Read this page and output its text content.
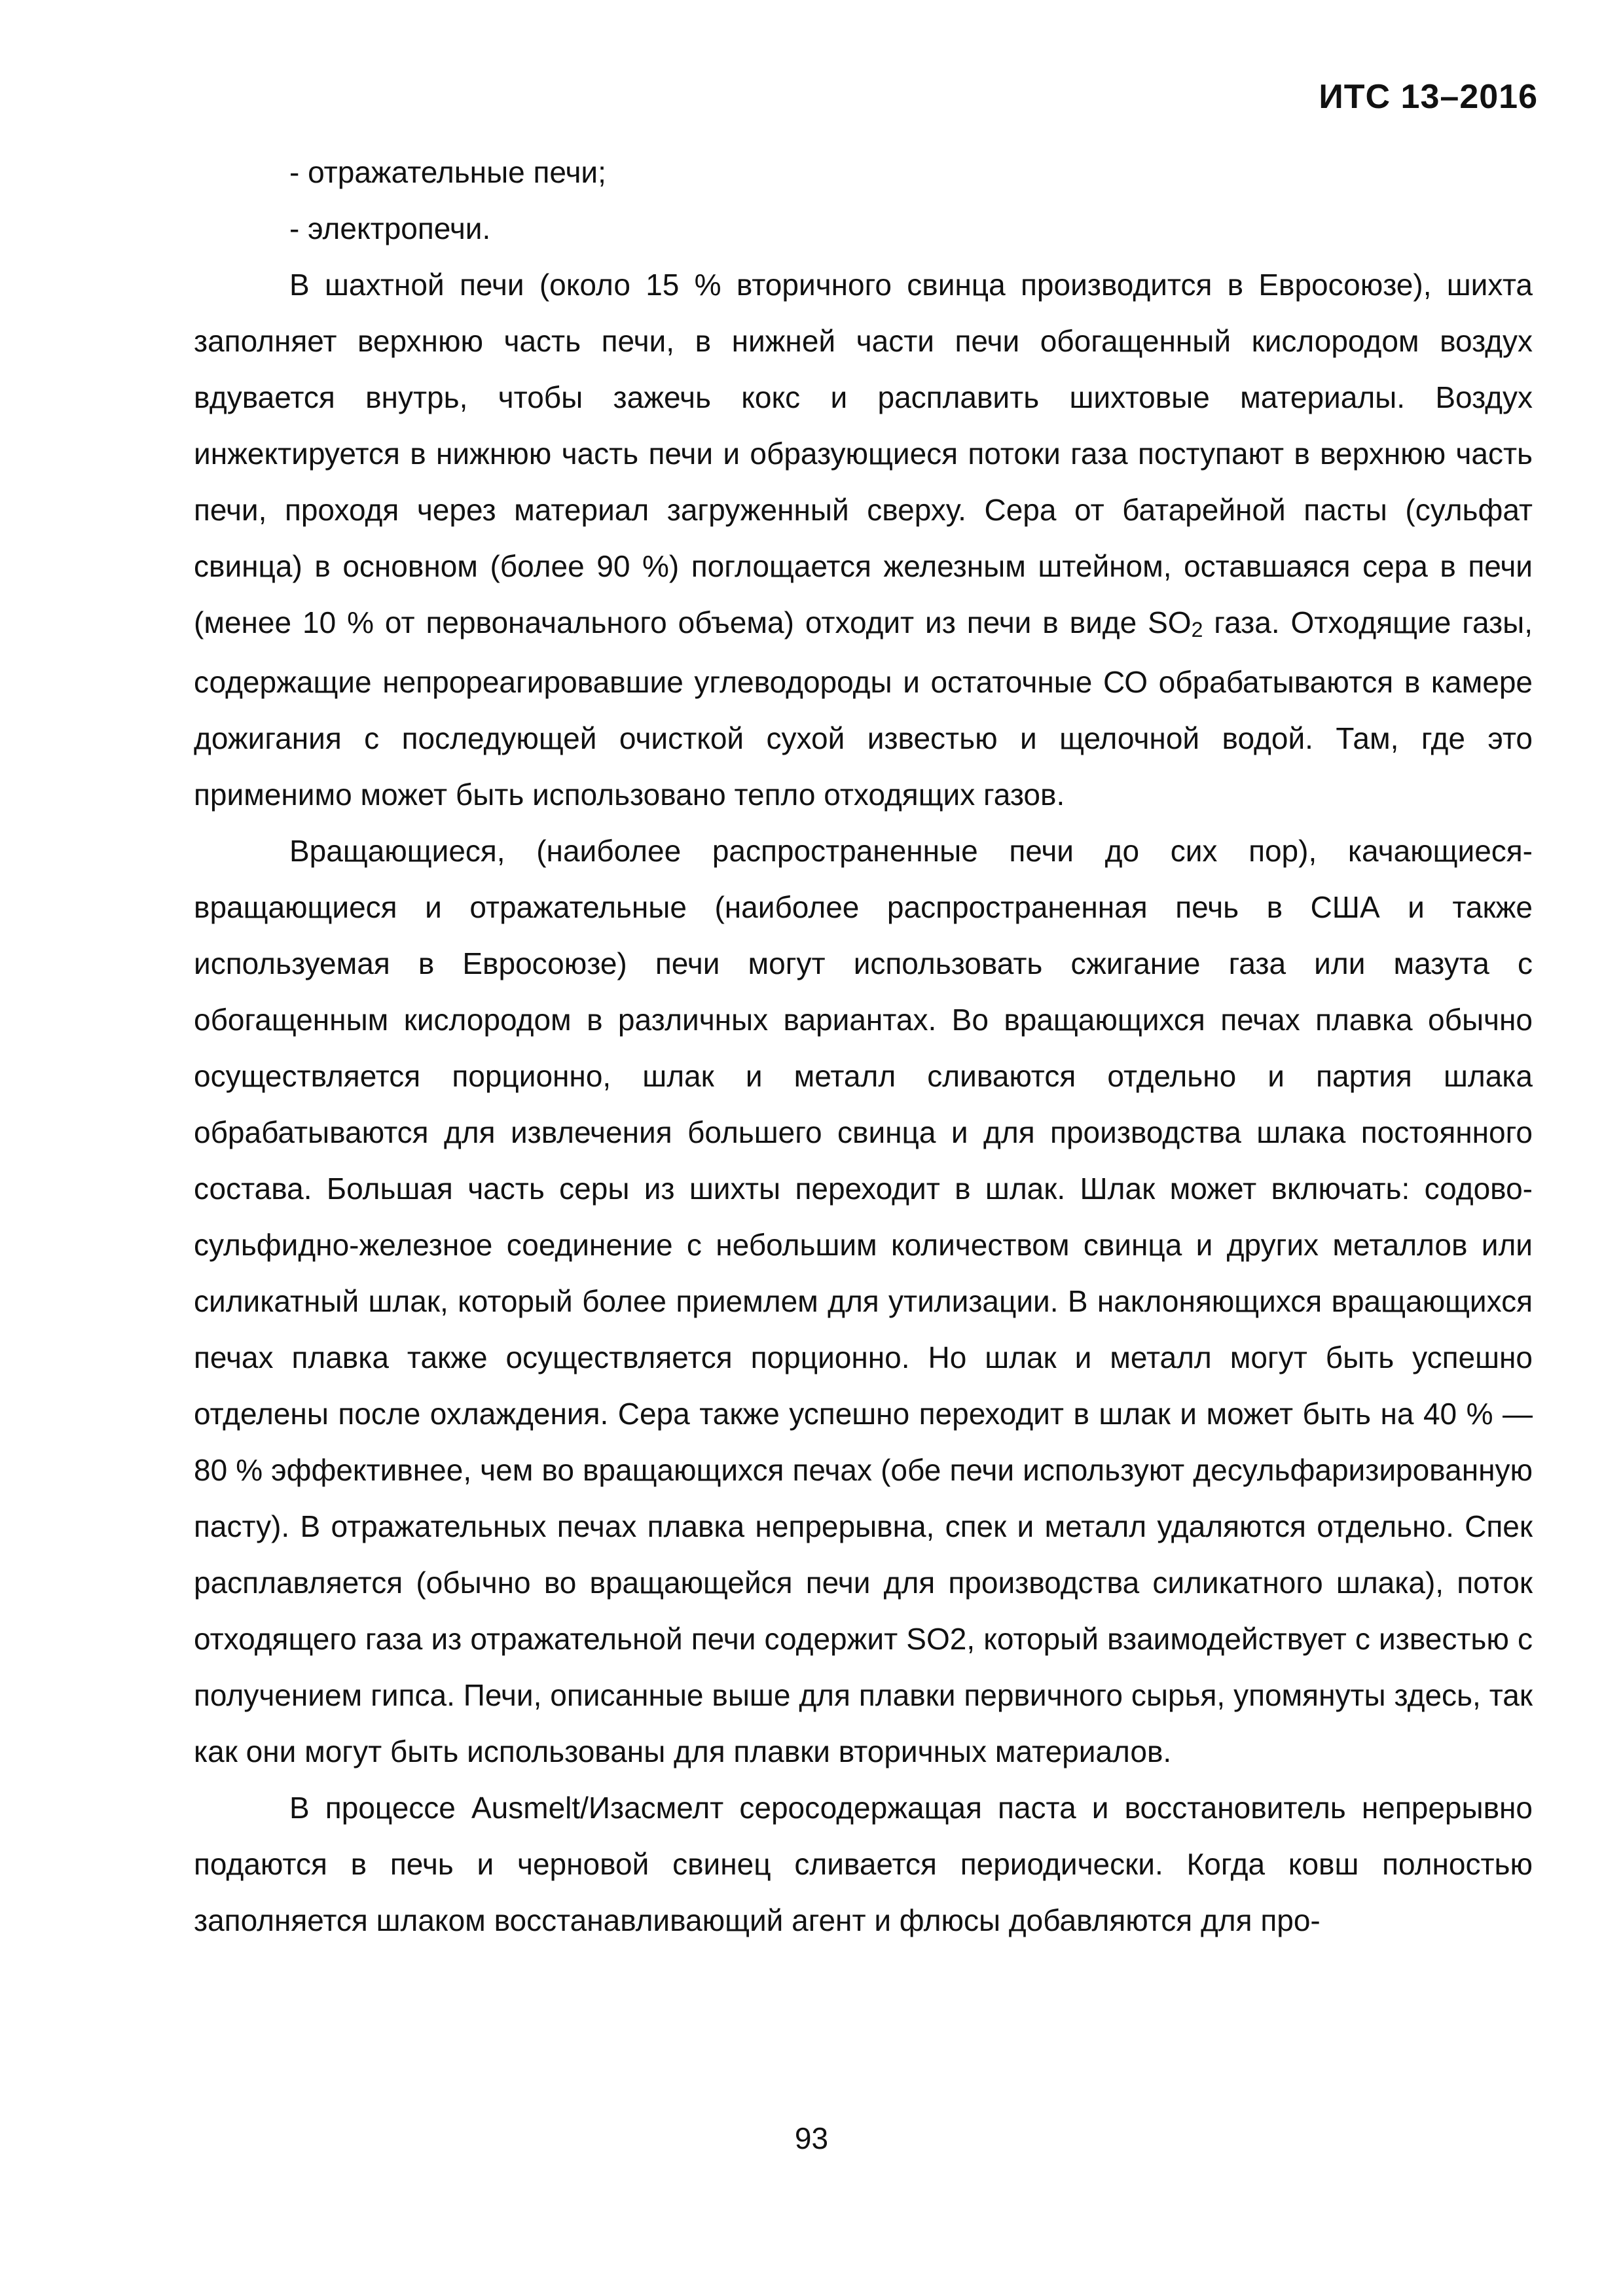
ИТС 13–2016

- отражательные печи;

- электропечи.

В шахтной печи (около 15 % вторичного свинца производится в Евросоюзе), шихта заполняет верхнюю часть печи, в нижней части печи обогащенный кислородом воздух вдувается внутрь, чтобы зажечь кокс и расплавить шихтовые материалы. Воздух инжектируется в нижнюю часть печи и образующиеся потоки газа поступают в верхнюю часть печи, проходя через материал загруженный сверху. Сера от батарейной пасты (сульфат свинца) в основном (более 90 %) поглощается железным штейном, оставшаяся сера в печи (менее 10 % от первоначального объема) отходит из печи в виде $SO_2$ газа. Отходящие газы, содержащие непрореагировавшие углеводороды и остаточные СО обрабатываются в камере дожигания с последующей очисткой сухой известью и щелочной водой. Там, где это применимо может быть использовано тепло отходящих газов.

Вращающиеся, (наиболее распространенные печи до сих пор), качающиеся-вращающиеся и отражательные (наиболее распространенная печь в США и также используемая в Евросоюзе) печи могут использовать сжигание газа или мазута с обогащенным кислородом в различных вариантах. Во вращающихся печах плавка обычно осуществляется порционно, шлак и металл сливаются отдельно и партия шлака обрабатываются для извлечения большего свинца и для производства шлака постоянного состава. Большая часть серы из шихты переходит в шлак. Шлак может включать: содово-сульфидно-железное соединение с небольшим количеством свинца и других металлов или силикатный шлак, который более приемлем для утилизации. В наклоняющихся вращающихся печах плавка также осуществляется порционно. Но шлак и металл могут быть успешно отделены после охлаждения. Сера также успешно переходит в шлак и может быть на 40 % — 80 % эффективнее, чем во вращающихся печах (обе печи используют десульфаризированную пасту). В отражательных печах плавка непрерывна, спек и металл удаляются отдельно. Спек расплавляется (обычно во вращающейся печи для производства силикатного шлака), поток отходящего газа из отражательной печи содержит SO2, который взаимодействует с известью с получением гипса. Печи, описанные выше для плавки первичного сырья, упомянуты здесь, так как они могут быть использованы для плавки вторичных материалов.

В процессе Ausmelt/Изасмелт серосодержащая паста и восстановитель непрерывно подаются в печь и черновой свинец сливается периодически. Когда ковш полностью заполняется шлаком восстанавливающий агент и флюсы добавляются для про-

93
